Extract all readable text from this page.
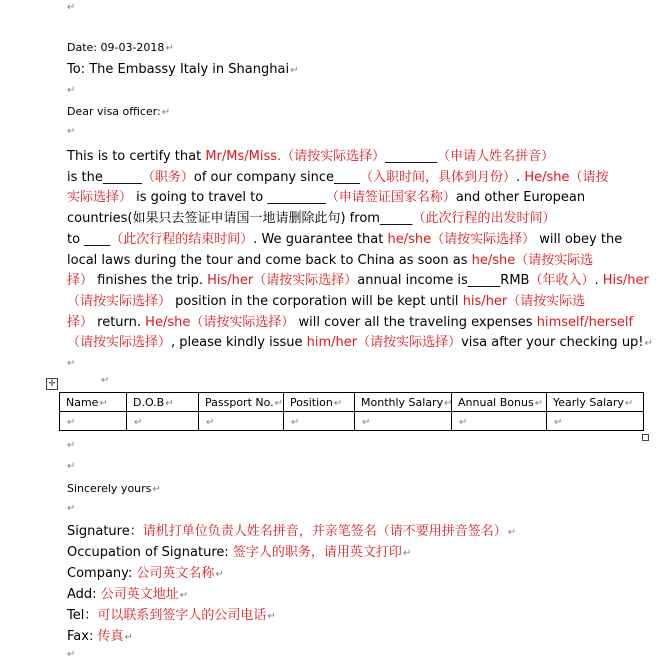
↵
Date: 09-03-2018↵
To: The Embassy Italy in Shanghai↵
↵
Dear visa officer:↵
↵
This is to certify that Mr/Ms/Miss.（请按实际选择）________（申请人姓名拼音）
is the______（职务）of our company since____（入职时间，具体到月份）. He/she（请按
实际选择） is going to travel to _________（申请签证国家名称）and other European
countries(如果只去签证申请国一地请删除此句) from_____（此次行程的出发时间）
to ____（此次行程的结束时间）. We guarantee that he/she（请按实际选择） will obey the
local laws during the tour and come back to China as soon as he/she（请按实际选
择） finishes the trip. His/her（请按实际选择）annual income is_____RMB（年收入）. His/her
（请按实际选择） position in the corporation will be kept until his/her（请按实际选
择） return. He/she（请按实际选择） will cover all the traveling expenses himself/herself
（请按实际选择）, please kindly issue him/her（请按实际选择）visa after your checking up!↵
↵
✛	↵
Name↵	D.O.B↵	Passport No.↵	Position↵	Monthly Salary↵	Annual Bonus↵	Yearly Salary↵
↵	↵	↵	↵	↵	↵	↵
↵
↵
Sincerely yours↵
↵
Signature：请机打单位负责人姓名拼音，并亲笔签名（请不要用拼音签名）↵
Occupation of Signature: 签字人的职务，请用英文打印↵
Company: 公司英文名称↵
Add: 公司英文地址↵
Tel：可以联系到签字人的公司电话↵
Fax: 传真↵
↵
